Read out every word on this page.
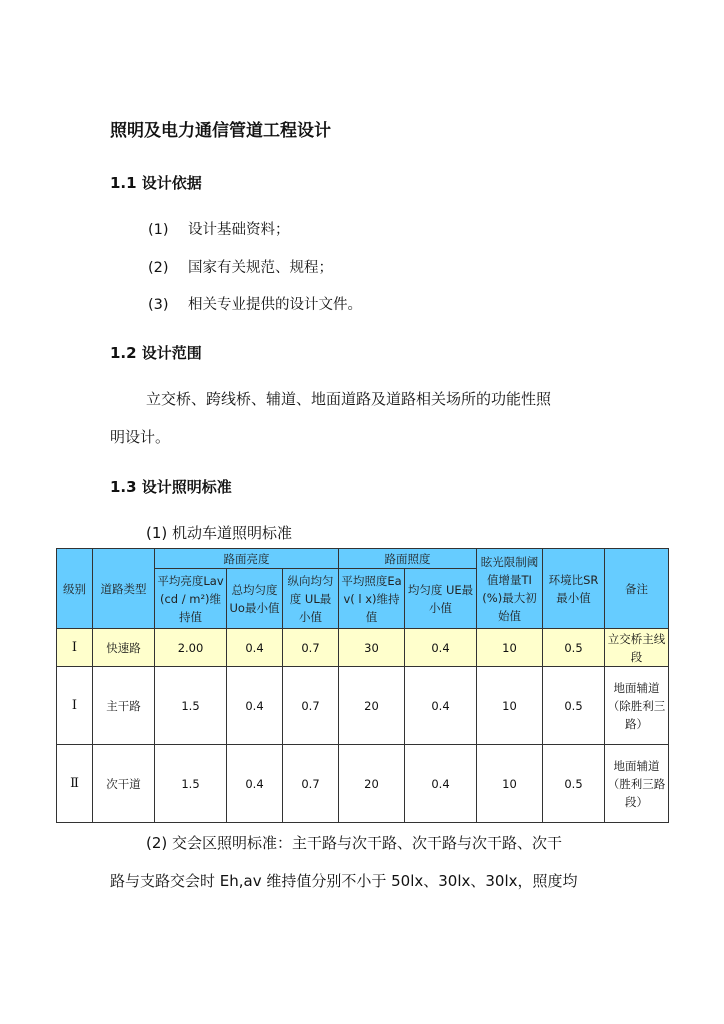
照明及电力通信管道工程设计
1.1 设计依据
(1) 设计基础资料；
(2) 国家有关规范、规程；
(3) 相关专业提供的设计文件。
1.2 设计范围
立交桥、跨线桥、辅道、地面道路及道路相关场所的功能性照
明设计。
1.3 设计照明标准
(1) 机动车道照明标准
级别	道路类型	路面亮度			路面照度		眩光限制阈值增量TI(%)最大初始值	环境比SR最小值	备注
		平均亮度Lav(cd / m²)维持值	总均匀度 Uo最小值	纵向均匀度 UL最小值	平均照度Eav( l x)维持值	均匀度 UE最小值			
Ⅰ	快速路	2.00	0.4	0.7	30	0.4	10	0.5	立交桥主线段
Ⅰ	主干路	1.5	0.4	0.7	20	0.4	10	0.5	地面辅道（除胜利三路）
Ⅱ	次干道	1.5	0.4	0.7	20	0.4	10	0.5	地面辅道（胜利三路段）
(2) 交会区照明标准：主干路与次干路、次干路与次干路、次干
路与支路交会时 Eh,av 维持值分别不小于 50lx、30lx、30lx，照度均
